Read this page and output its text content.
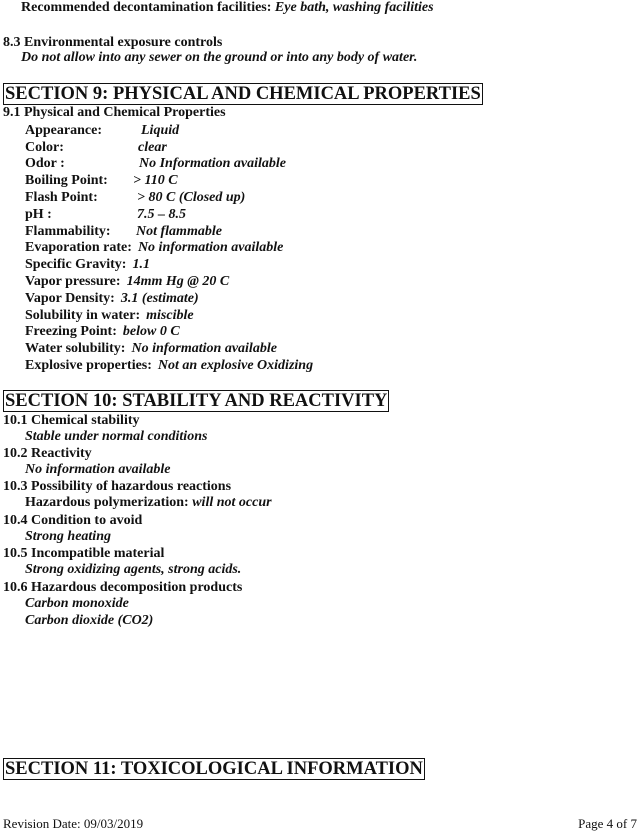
Recommended decontamination facilities: Eye bath, washing facilities
8.3 Environmental exposure controls
Do not allow into any sewer on the ground or into any body of water.
SECTION 9: PHYSICAL AND CHEMICAL PROPERTIES
9.1 Physical and Chemical Properties
Appearance:	Liquid
Color:	clear
Odor :	No Information available
Boiling Point: > 110 C
Flash Point:	> 80 C (Closed up)
pH :	7.5 – 8.5
Flammability: Not flammable
Evaporation rate: No information available
Specific Gravity: 1.1
Vapor pressure: 14mm Hg @ 20 C
Vapor Density: 3.1 (estimate)
Solubility in water: miscible
Freezing Point: below 0 C
Water solubility: No information available
Explosive properties: Not an explosive Oxidizing
SECTION 10: STABILITY AND REACTIVITY
10.1 Chemical stability
Stable under normal conditions
10.2 Reactivity
No information available
10.3 Possibility of hazardous reactions
Hazardous polymerization: will not occur
10.4 Condition to avoid
Strong heating
10.5 Incompatible material
Strong oxidizing agents, strong acids.
10.6 Hazardous decomposition products
Carbon monoxide
Carbon dioxide (CO2)
SECTION 11: TOXICOLOGICAL INFORMATION
Revision Date: 09/03/2019	Page 4 of 7
